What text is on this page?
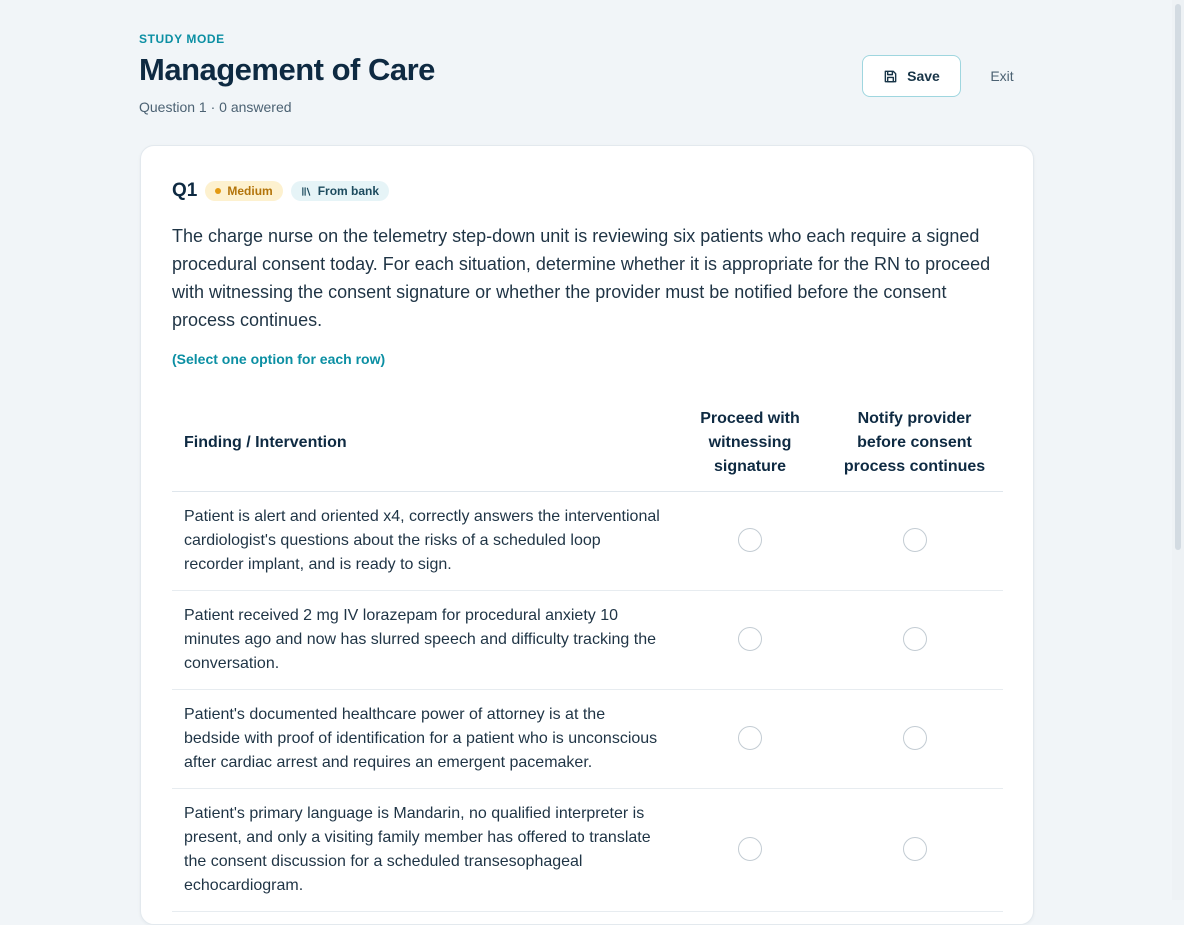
STUDY MODE
Management of Care
Question 1 · 0 answered
Save	Exit
Q1	Medium	From bank
The charge nurse on the telemetry step-down unit is reviewing six patients who each require a signed procedural consent today. For each situation, determine whether it is appropriate for the RN to proceed with witnessing the consent signature or whether the provider must be notified before the consent process continues.
(Select one option for each row)
Finding / Intervention	Proceed with witnessing signature	Notify provider before consent process continues
Patient is alert and oriented x4, correctly answers the interventional cardiologist's questions about the risks of a scheduled loop recorder implant, and is ready to sign.		
Patient received 2 mg IV lorazepam for procedural anxiety 10 minutes ago and now has slurred speech and difficulty tracking the conversation.		
Patient's documented healthcare power of attorney is at the bedside with proof of identification for a patient who is unconscious after cardiac arrest and requires an emergent pacemaker.		
Patient's primary language is Mandarin, no qualified interpreter is present, and only a visiting family member has offered to translate the consent discussion for a scheduled transesophageal echocardiogram.		
